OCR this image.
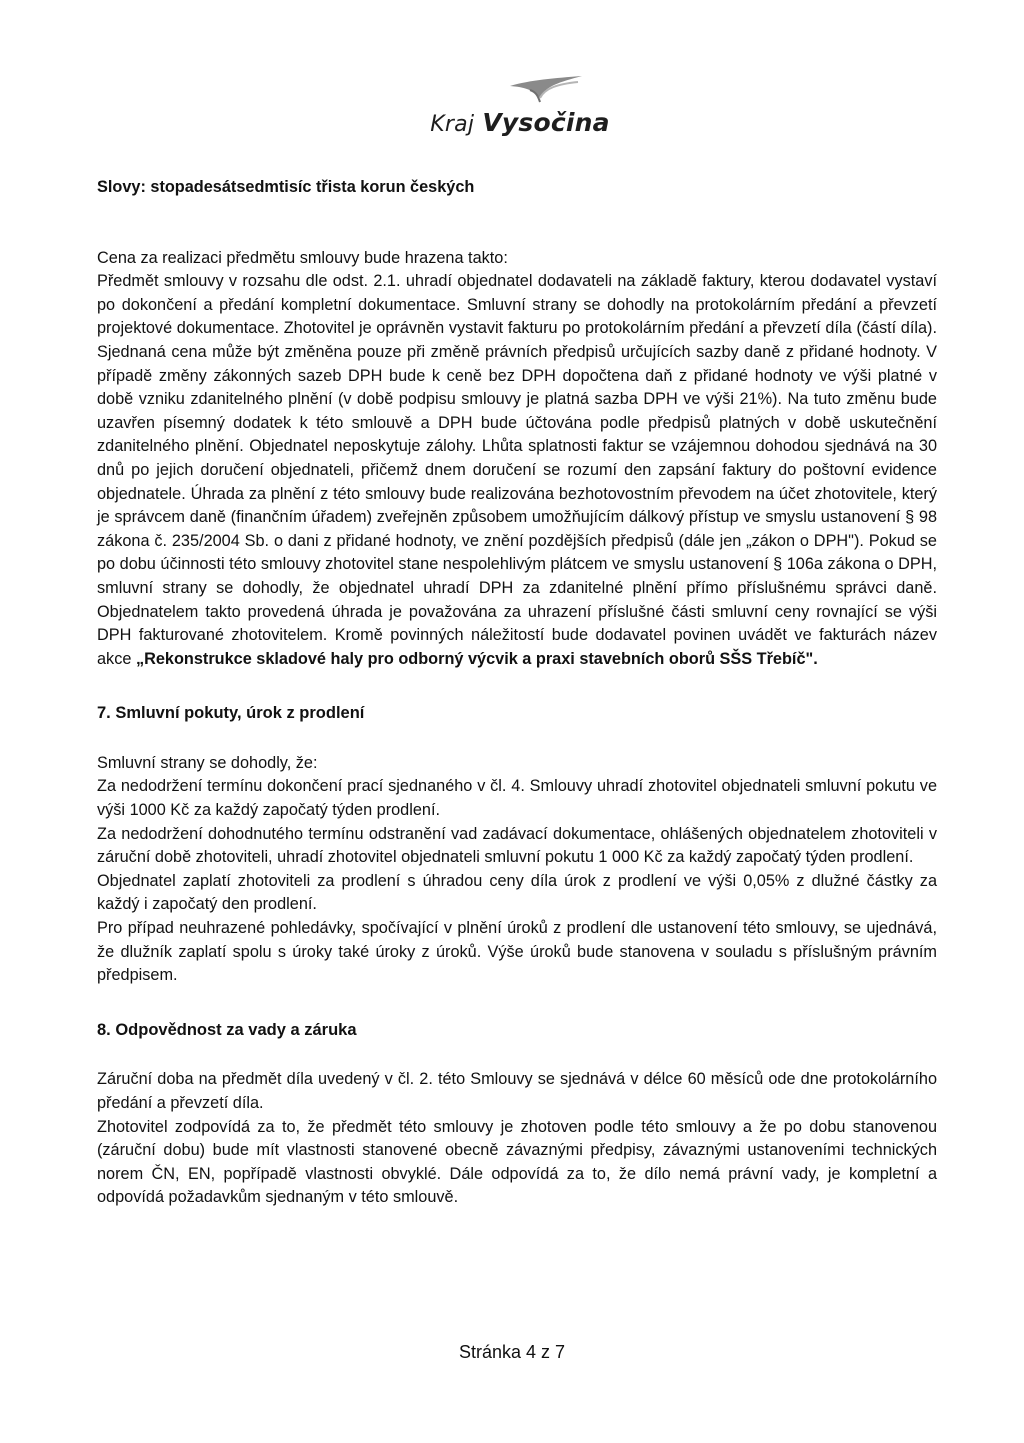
Kraj Vysočina

Slovy: stopadesátsedmtisíc třista korun českých

Cena za realizaci předmětu smlouvy bude hrazena takto:

Předmět smlouvy v rozsahu dle odst. 2.1. uhradí objednatel dodavateli na základě faktury, kterou dodavatel vystaví po dokončení a předání kompletní dokumentace. Smluvní strany se dohodly na protokolárním předání a převzetí projektové dokumentace. Zhotovitel je oprávněn vystavit fakturu po protokolárním předání a převzetí díla (částí díla). Sjednaná cena může být změněna pouze při změně právních předpisů určujících sazby daně z přidané hodnoty. V případě změny zákonných sazeb DPH bude k ceně bez DPH dopočtena daň z přidané hodnoty ve výši platné v době vzniku zdanitelného plnění (v době podpisu smlouvy je platná sazba DPH ve výši 21%). Na tuto změnu bude uzavřen písemný dodatek k této smlouvě a DPH bude účtována podle předpisů platných v době uskutečnění zdanitelného plnění. Objednatel neposkytuje zálohy. Lhůta splatnosti faktur se vzájemnou dohodou sjednává na 30 dnů po jejich doručení objednateli, přičemž dnem doručení se rozumí den zapsání faktury do poštovní evidence objednatele. Úhrada za plnění z této smlouvy bude realizována bezhotovostním převodem na účet zhotovitele, který je správcem daně (finančním úřadem) zveřejněn způsobem umožňujícím dálkový přístup ve smyslu ustanovení § 98 zákona č. 235/2004 Sb. o dani z přidané hodnoty, ve znění pozdějších předpisů (dále jen „zákon o DPH"). Pokud se po dobu účinnosti této smlouvy zhotovitel stane nespolehlivým plátcem ve smyslu ustanovení § 106a zákona o DPH, smluvní strany se dohodly, že objednatel uhradí DPH za zdanitelné plnění přímo příslušnému správci daně. Objednatelem takto provedená úhrada je považována za uhrazení příslušné části smluvní ceny rovnající se výši DPH fakturované zhotovitelem. Kromě povinných náležitostí bude dodavatel povinen uvádět ve fakturách název akce „Rekonstrukce skladové haly pro odborný výcvik a praxi stavebních oborů SŠS Třebíč".

7. Smluvní pokuty, úrok z prodlení

Smluvní strany se dohodly, že:

Za nedodržení termínu dokončení prací sjednaného v čl. 4. Smlouvy uhradí zhotovitel objednateli smluvní pokutu ve výši 1000 Kč za každý započatý týden prodlení.

Za nedodržení dohodnutého termínu odstranění vad zadávací dokumentace, ohlášených objednatelem zhotoviteli v záruční době zhotoviteli, uhradí zhotovitel objednateli smluvní pokutu 1 000 Kč za každý započatý týden prodlení.

Objednatel zaplatí zhotoviteli za prodlení s úhradou ceny díla úrok z prodlení ve výši 0,05% z dlužné částky za každý i započatý den prodlení.

Pro případ neuhrazené pohledávky, spočívající v plnění úroků z prodlení dle ustanovení této smlouvy, se ujednává, že dlužník zaplatí spolu s úroky také úroky z úroků. Výše úroků bude stanovena v souladu s příslušným právním předpisem.

8. Odpovědnost za vady a záruka

Záruční doba na předmět díla uvedený v čl. 2. této Smlouvy se sjednává v délce 60 měsíců ode dne protokolárního předání a převzetí díla.

Zhotovitel zodpovídá za to, že předmět této smlouvy je zhotoven podle této smlouvy a že po dobu stanovenou (záruční dobu) bude mít vlastnosti stanovené obecně závaznými předpisy, závaznými ustanoveními technických norem ČN, EN, popřípadě vlastnosti obvyklé. Dále odpovídá za to, že dílo nemá právní vady, je kompletní a odpovídá požadavkům sjednaným v této smlouvě.

Stránka 4 z 7
